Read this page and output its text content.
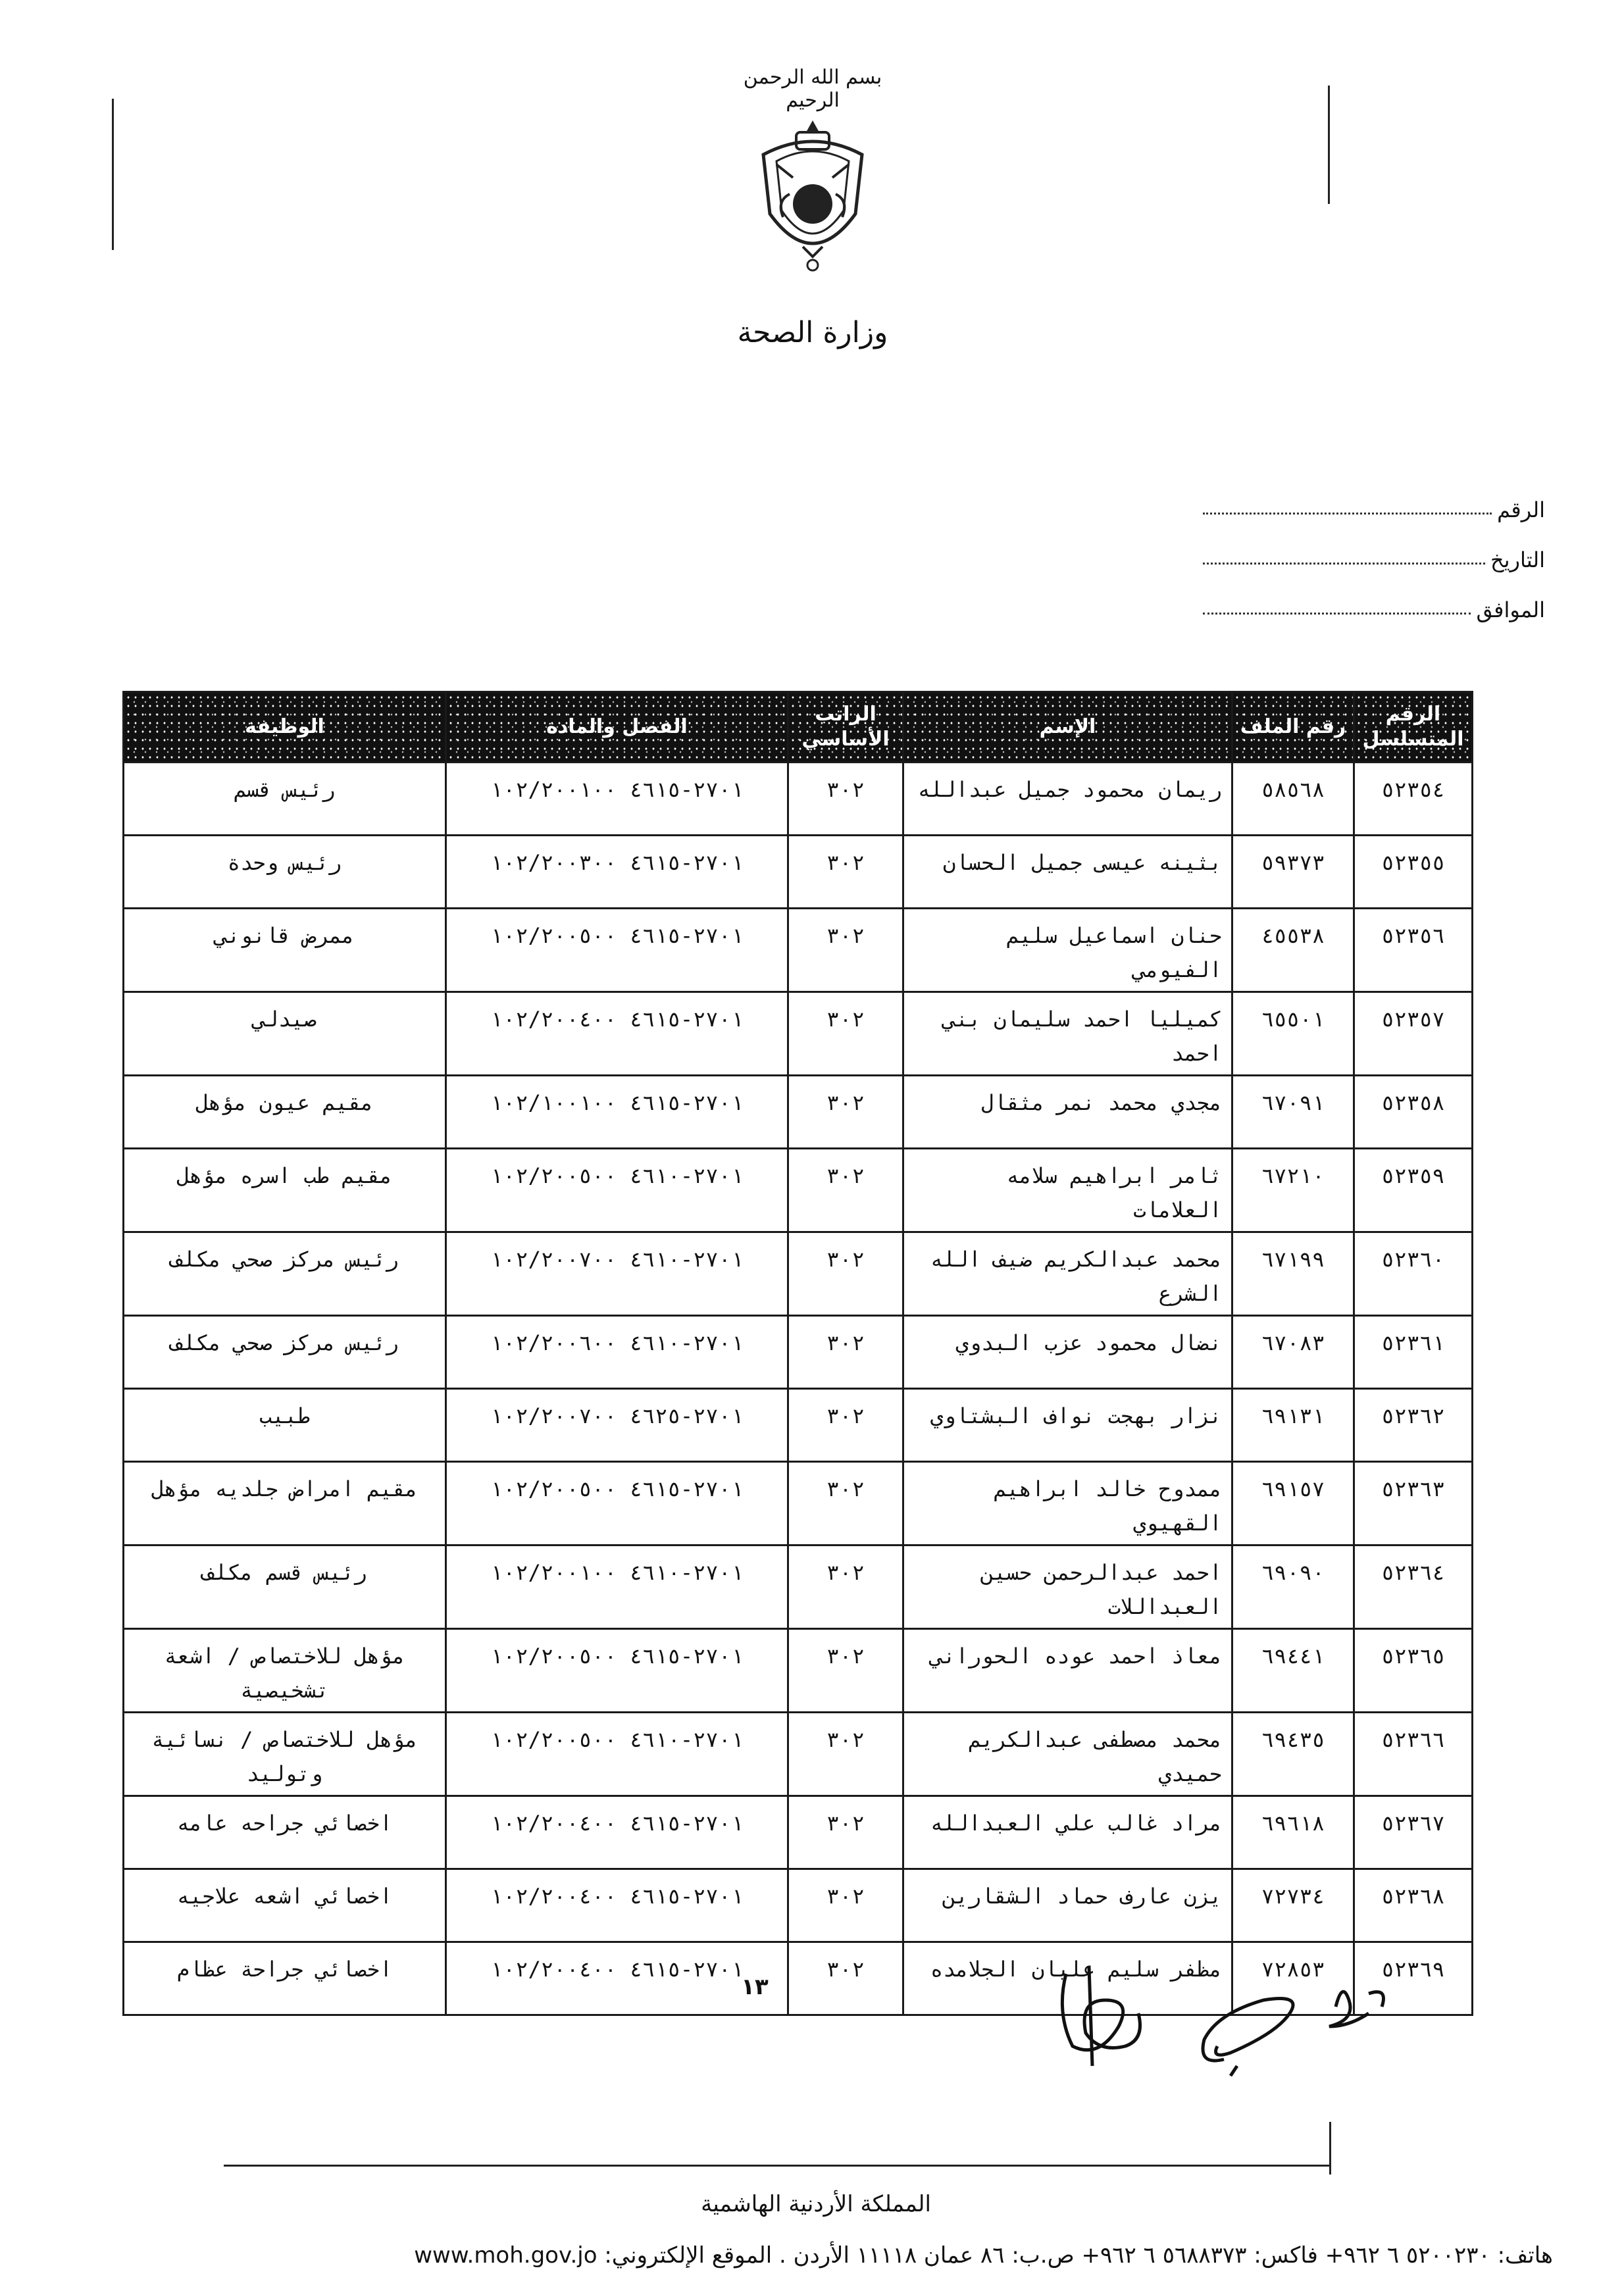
بسم الله الرحمن الرحيم
وزارة الصحة
الرقم
التاريخ
الموافق
الرقم المتسلسل	رقم الملف	الإسم	الراتب الأساسي	الفصل والمادة	الوظيفة
٥٢٣٥٤	٥٨٥٦٨	ريمان محمود جميل عبدالله	٣٠٢	٢٧٠١-٤٦١٥ ١٠٢/٢٠٠١٠٠	رئيس قسم
٥٢٣٥٥	٥٩٣٧٣	بثينه عيسى جميل الحسان	٣٠٢	٢٧٠١-٤٦١٥ ١٠٢/٢٠٠٣٠٠	رئيس وحدة
٥٢٣٥٦	٤٥٥٣٨	حنان اسماعيل سليم الفيومي	٣٠٢	٢٧٠١-٤٦١٥ ١٠٢/٢٠٠٥٠٠	ممرض قانوني
٥٢٣٥٧	٦٥٥٠١	كميليا احمد سليمان بني احمد	٣٠٢	٢٧٠١-٤٦١٥ ١٠٢/٢٠٠٤٠٠	صيدلي
٥٢٣٥٨	٦٧٠٩١	مجدي محمد نمر مثقال	٣٠٢	٢٧٠١-٤٦١٥ ١٠٢/١٠٠١٠٠	مقيم عيون مؤهل
٥٢٣٥٩	٦٧٢١٠	ثامر ابراهيم سلامه العلامات	٣٠٢	٢٧٠١-٤٦١٠ ١٠٢/٢٠٠٥٠٠	مقيم طب اسره مؤهل
٥٢٣٦٠	٦٧١٩٩	محمد عبدالكريم ضيف الله الشرع	٣٠٢	٢٧٠١-٤٦١٠ ١٠٢/٢٠٠٧٠٠	رئيس مركز صحي مكلف
٥٢٣٦١	٦٧٠٨٣	نضال محمود عزب البدوي	٣٠٢	٢٧٠١-٤٦١٠ ١٠٢/٢٠٠٦٠٠	رئيس مركز صحي مكلف
٥٢٣٦٢	٦٩١٣١	نزار بهجت نواف البشتاوي	٣٠٢	٢٧٠١-٤٦٢٥ ١٠٢/٢٠٠٧٠٠	طبيب
٥٢٣٦٣	٦٩١٥٧	ممدوح خالد ابراهيم القهيوي	٣٠٢	٢٧٠١-٤٦١٥ ١٠٢/٢٠٠٥٠٠	مقيم امراض جلديه مؤهل
٥٢٣٦٤	٦٩٠٩٠	احمد عبدالرحمن حسين العبداللات	٣٠٢	٢٧٠١-٤٦١٠ ١٠٢/٢٠٠١٠٠	رئيس قسم مكلف
٥٢٣٦٥	٦٩٤٤١	معاذ احمد عوده الحوراني	٣٠٢	٢٧٠١-٤٦١٥ ١٠٢/٢٠٠٥٠٠	مؤهل للاختصاص / اشعة تشخيصية
٥٢٣٦٦	٦٩٤٣٥	محمد مصطفى عبدالكريم حميدي	٣٠٢	٢٧٠١-٤٦١٠ ١٠٢/٢٠٠٥٠٠	مؤهل للاختصاص / نسائية وتوليد
٥٢٣٦٧	٦٩٦١٨	مراد غالب علي العبدالله	٣٠٢	٢٧٠١-٤٦١٥ ١٠٢/٢٠٠٤٠٠	اخصائي جراحه عامه
٥٢٣٦٨	٧٢٧٣٤	يزن عارف حماد الشقارين	٣٠٢	٢٧٠١-٤٦١٥ ١٠٢/٢٠٠٤٠٠	اخصائي اشعه علاجيه
٥٢٣٦٩	٧٢٨٥٣	مظفر سليم عليان الجلامده	٣٠٢	٢٧٠١-٤٦١٥ ١٠٢/٢٠٠٤٠٠	اخصائي جراحة عظام
١٣
المملكة الأردنية الهاشمية
هاتف: ٥٢٠٠٢٣٠ ٦ ٩٦٢+ فاكس: ٥٦٨٨٣٧٣ ٦ ٩٦٢+ ص.ب: ٨٦ عمان ١١١١٨ الأردن . الموقع الإلكتروني: www.moh.gov.jo
